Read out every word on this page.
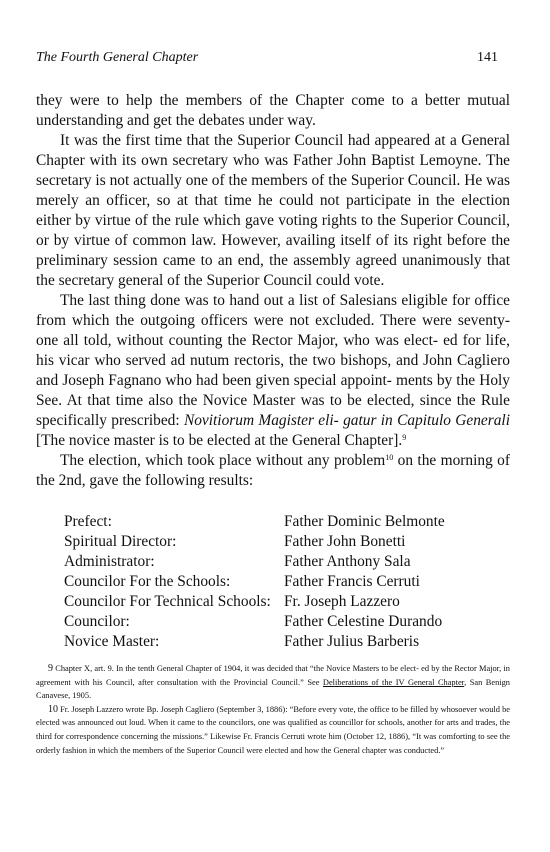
The Fourth General Chapter	141

they were to help the members of the Chapter come to a better mutual understanding and get the debates under way.

It was the first time that the Superior Council had appeared at a General Chapter with its own secretary who was Father John Baptist Lemoyne. The secretary is not actually one of the members of the Superior Council. He was merely an officer, so at that time he could not participate in the election either by virtue of the rule which gave voting rights to the Superior Council, or by virtue of common law. However, availing itself of its right before the preliminary session came to an end, the assembly agreed unanimously that the secretary general of the Superior Council could vote.

The last thing done was to hand out a list of Salesians eligible for office from which the outgoing officers were not excluded. There were seventy-one all told, without counting the Rector Major, who was elect- ed for life, his vicar who served ad nutum rectoris, the two bishops, and John Cagliero and Joseph Fagnano who had been given special appoint- ments by the Holy See. At that time also the Novice Master was to be elected, since the Rule specifically prescribed: Novitiorum Magister eli- gatur in Capitulo Generali [The novice master is to be elected at the General Chapter].$^9$

The election, which took place without any problem$^{10}$ on the morning of the 2nd, gave the following results:

Prefect:	Father Dominic Belmonte
Spiritual Director:	Father John Bonetti
Administrator:	Father Anthony Sala
Councilor For the Schools:	Father Francis Cerruti
Councilor For Technical Schools:	Fr. Joseph Lazzero
Councilor:	Father Celestine Durando
Novice Master:	Father Julius Barberis

9 Chapter X, art. 9. In the tenth General Chapter of 1904, it was decided that “the Novice Masters to be elect- ed by the Rector Major, in agreement with his Council, after consultation with the Provincial Council.” See Deliberations of the IV General Chapter, San Benign Canavese, 1905.

10 Fr. Joseph Lazzero wrote Bp. Joseph Cagliero (September 3, 1886): “Before every vote, the office to be filled by whosoever would be elected was announced out loud. When it came to the councilors, one was qualified as councillor for schools, another for arts and trades, the third for correspondence concerning the missions.” Likewise Fr. Francis Cerruti wrote him (October 12, 1886), “It was comforting to see the orderly fashion in which the members of the Superior Council were elected and how the General chapter was conducted.”
